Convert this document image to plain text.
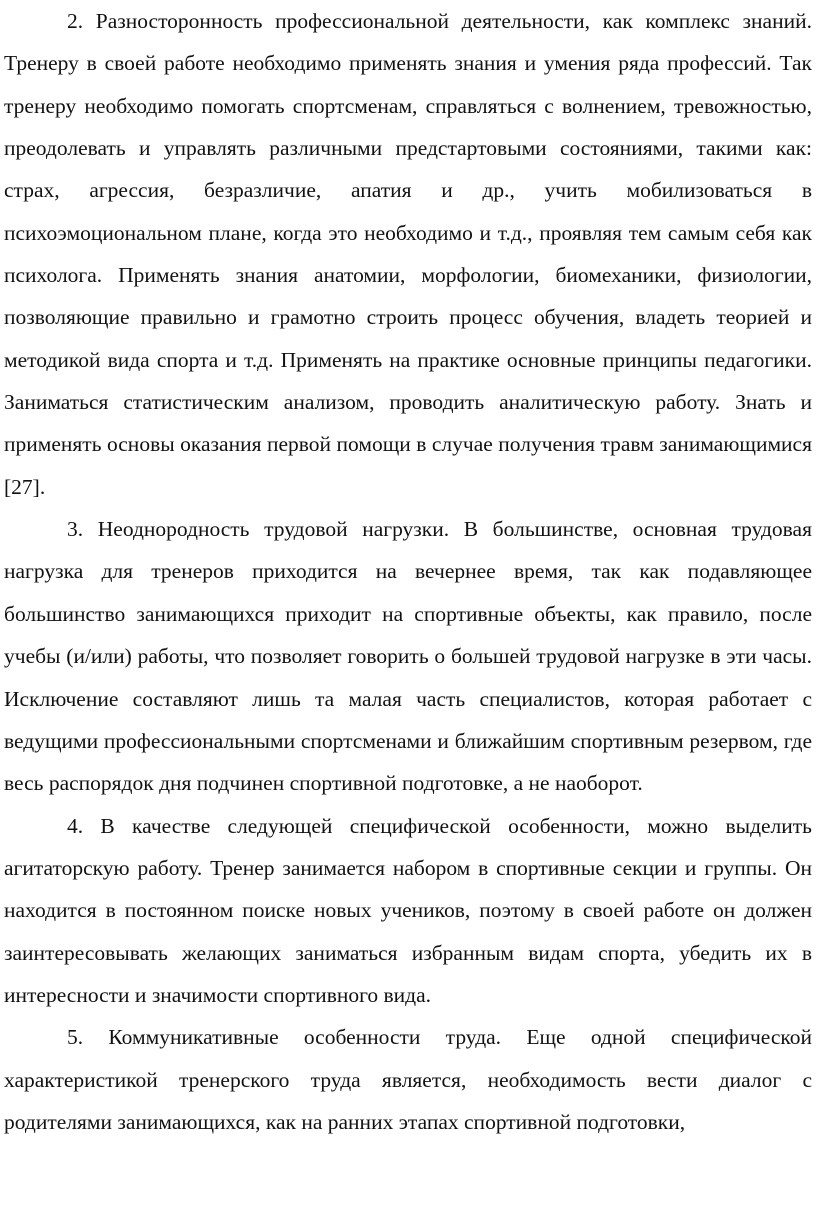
2. Разносторонность профессиональной деятельности, как комплекс знаний. Тренеру в своей работе необходимо применять знания и умения ряда профессий. Так тренеру необходимо помогать спортсменам, справляться с волнением, тревожностью, преодолевать и управлять различными предстартовыми состояниями, такими как: страх, агрессия, безразличие, апатия и др., учить мобилизоваться в психоэмоциональном плане, когда это необходимо и т.д., проявляя тем самым себя как психолога. Применять знания анатомии, морфологии, биомеханики, физиологии, позволяющие правильно и грамотно строить процесс обучения, владеть теорией и методикой вида спорта и т.д. Применять на практике основные принципы педагогики. Заниматься статистическим анализом, проводить аналитическую работу. Знать и применять основы оказания первой помощи в случае получения травм занимающимися [27].

3. Неоднородность трудовой нагрузки. В большинстве, основная трудовая нагрузка для тренеров приходится на вечернее время, так как подавляющее большинство занимающихся приходит на спортивные объекты, как правило, после учебы (и/или) работы, что позволяет говорить о большей трудовой нагрузке в эти часы. Исключение составляют лишь та малая часть специалистов, которая работает с ведущими профессиональными спортсменами и ближайшим спортивным резервом, где весь распорядок дня подчинен спортивной подготовке, а не наоборот.

4. В качестве следующей специфической особенности, можно выделить агитаторскую работу. Тренер занимается набором в спортивные секции и группы. Он находится в постоянном поиске новых учеников, поэтому в своей работе он должен заинтересовывать желающих заниматься избранным видам спорта, убедить их в интересности и значимости спортивного вида.

5. Коммуникативные особенности труда. Еще одной специфической характеристикой тренерского труда является, необходимость вести диалог с родителями занимающихся, как на ранних этапах спортивной подготовки,
